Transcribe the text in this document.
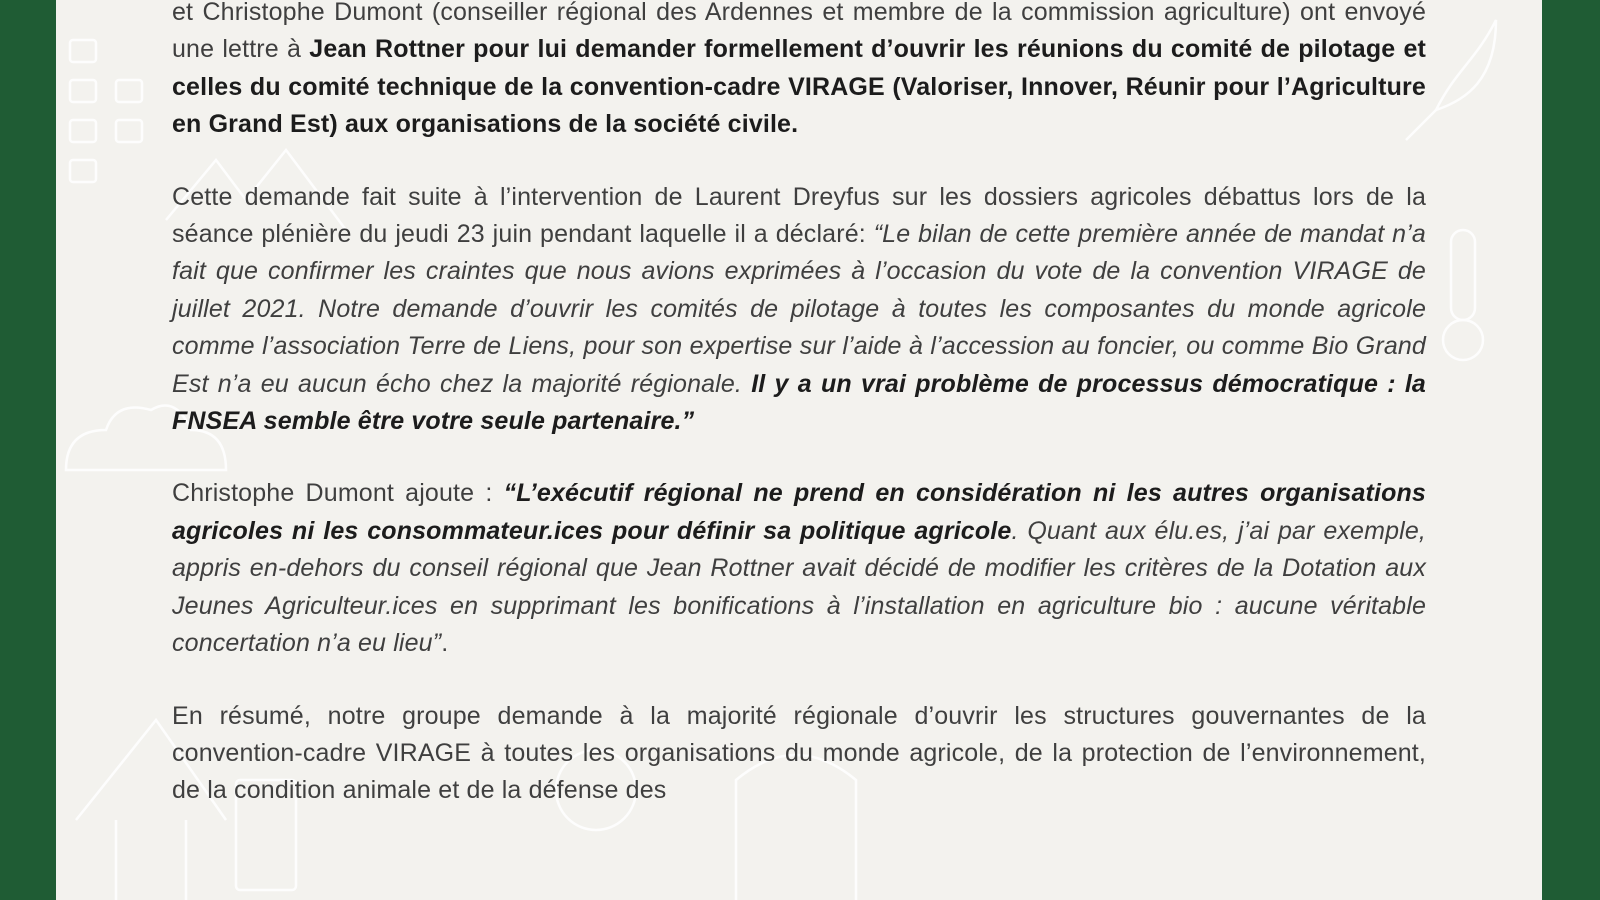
et Christophe Dumont (conseiller régional des Ardennes et membre de la commission agriculture) ont envoyé une lettre à Jean Rottner pour lui demander formellement d’ouvrir les réunions du comité de pilotage et celles du comité technique de la convention-cadre VIRAGE (Valoriser, Innover, Réunir pour l’Agriculture en Grand Est) aux organisations de la société civile.

Cette demande fait suite à l’intervention de Laurent Dreyfus sur les dossiers agricoles débattus lors de la séance plénière du jeudi 23 juin pendant laquelle il a déclaré: “Le bilan de cette première année de mandat n’a fait que confirmer les craintes que nous avions exprimées à l’occasion du vote de la convention VIRAGE de juillet 2021. Notre demande d’ouvrir les comités de pilotage à toutes les composantes du monde agricole comme l’association Terre de Liens, pour son expertise sur l’aide à l’accession au foncier, ou comme Bio Grand Est n’a eu aucun écho chez la majorité régionale. Il y a un vrai problème de processus démocratique : la FNSEA semble être votre seule partenaire.”

Christophe Dumont ajoute : “L’exécutif régional ne prend en considération ni les autres organisations agricoles ni les consommateur.ices pour définir sa politique agricole. Quant aux élu.es, j’ai par exemple, appris en-dehors du conseil régional que Jean Rottner avait décidé de modifier les critères de la Dotation aux Jeunes Agriculteur.ices en supprimant les bonifications à l’installation en agriculture bio : aucune véritable concertation n’a eu lieu”.

En résumé, notre groupe demande à la majorité régionale d’ouvrir les structures gouvernantes de la convention-cadre VIRAGE à toutes les organisations du monde agricole, de la protection de l’environnement, de la condition animale et de la défense des
